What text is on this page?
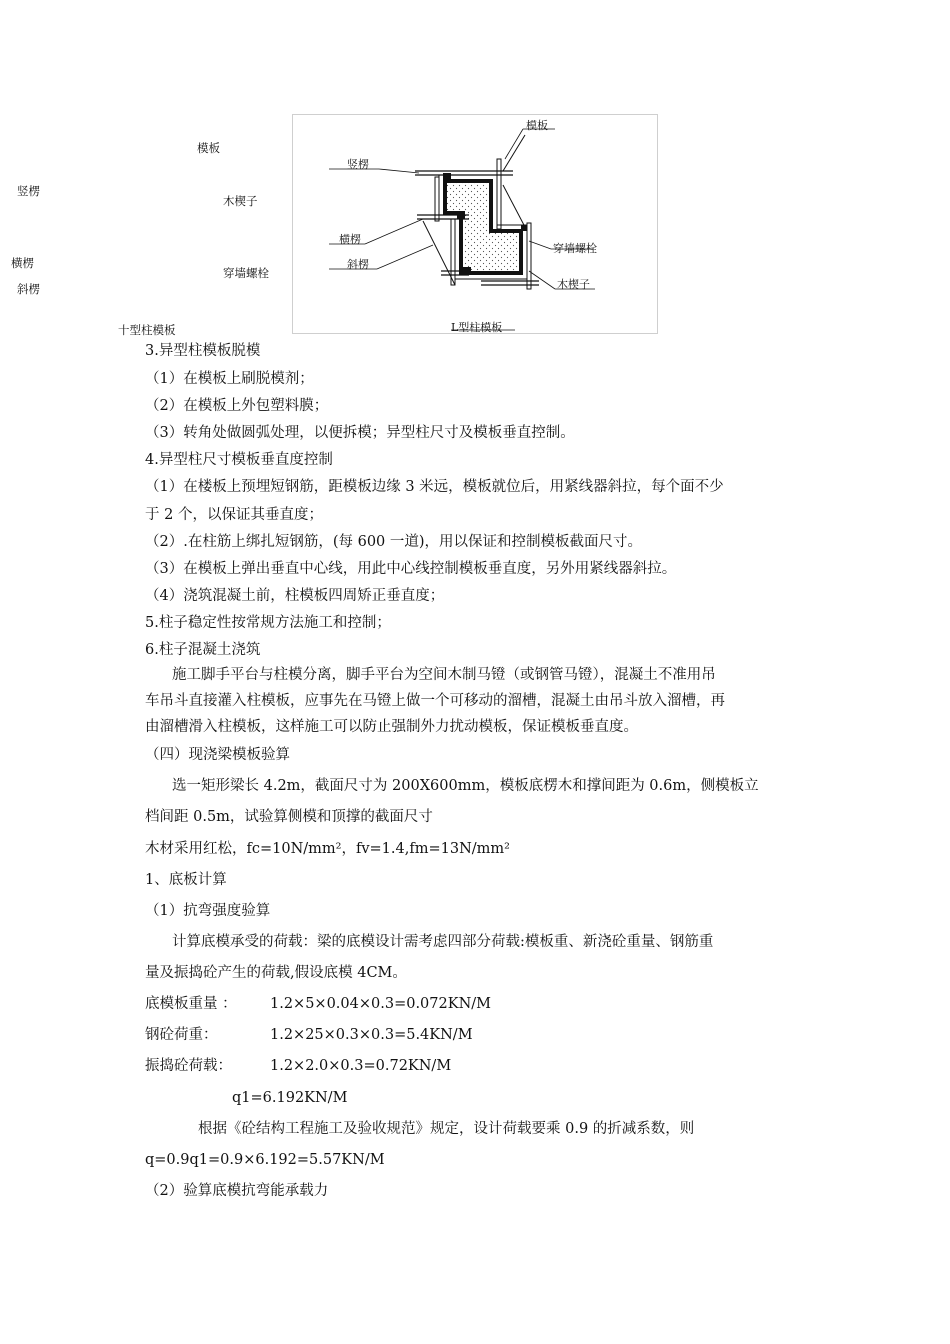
模板
竖楞
木楔子
横楞
穿墙螺栓
斜楞
十型柱模板
模板
竖楞
横楞
斜楞
穿墙螺栓
木楔子
L型柱模板
3.异型柱模板脱模
（1）在模板上刷脱模剂；
（2）在模板上外包塑料膜；
（3）转角处做圆弧处理，以便拆模；异型柱尺寸及模板垂直控制。
4.异型柱尺寸模板垂直度控制
（1）在楼板上预埋短钢筋，距模板边缘 3 米远，模板就位后，用紧线器斜拉，每个面不少
于 2 个，以保证其垂直度；
（2）.在柱筋上绑扎短钢筋，(每 600 一道)，用以保证和控制模板截面尺寸。
（3）在模板上弹出垂直中心线，用此中心线控制模板垂直度，另外用紧线器斜拉。
（4）浇筑混凝土前，柱模板四周矫正垂直度；
5.柱子稳定性按常规方法施工和控制；
6.柱子混凝土浇筑
施工脚手平台与柱模分离，脚手平台为空间木制马镫（或钢管马镫），混凝土不准用吊
车吊斗直接灌入柱模板，应事先在马镫上做一个可移动的溜槽，混凝土由吊斗放入溜槽，再
由溜槽滑入柱模板，这样施工可以防止强制外力扰动模板，保证模板垂直度。
（四）现浇梁模板验算
选一矩形梁长 4.2m，截面尺寸为 200X600mm，模板底楞木和撑间距为 0.6m，侧模板立
档间距 0.5m，试验算侧模和顶撑的截面尺寸
木材采用红松，fc=10N/mm²，fv=1.4,fm=13N/mm²
1、底板计算
（1）抗弯强度验算
计算底模承受的荷载：梁的底模设计需考虑四部分荷载:模板重、新浇砼重量、钢筋重
量及振捣砼产生的荷载,假设底模 4CM。
底模板重量 ： 1.2×5×0.04×0.3=0.072KN/M
钢砼荷重：	1.2×25×0.3×0.3=5.4KN/M
振捣砼荷载：	1.2×2.0×0.3=0.72KN/M
q1=6.192KN/M
根据《砼结构工程施工及验收规范》规定，设计荷载要乘 0.9 的折减系数，则
q=0.9q1=0.9×6.192=5.57KN/M
（2）验算底模抗弯能承载力
